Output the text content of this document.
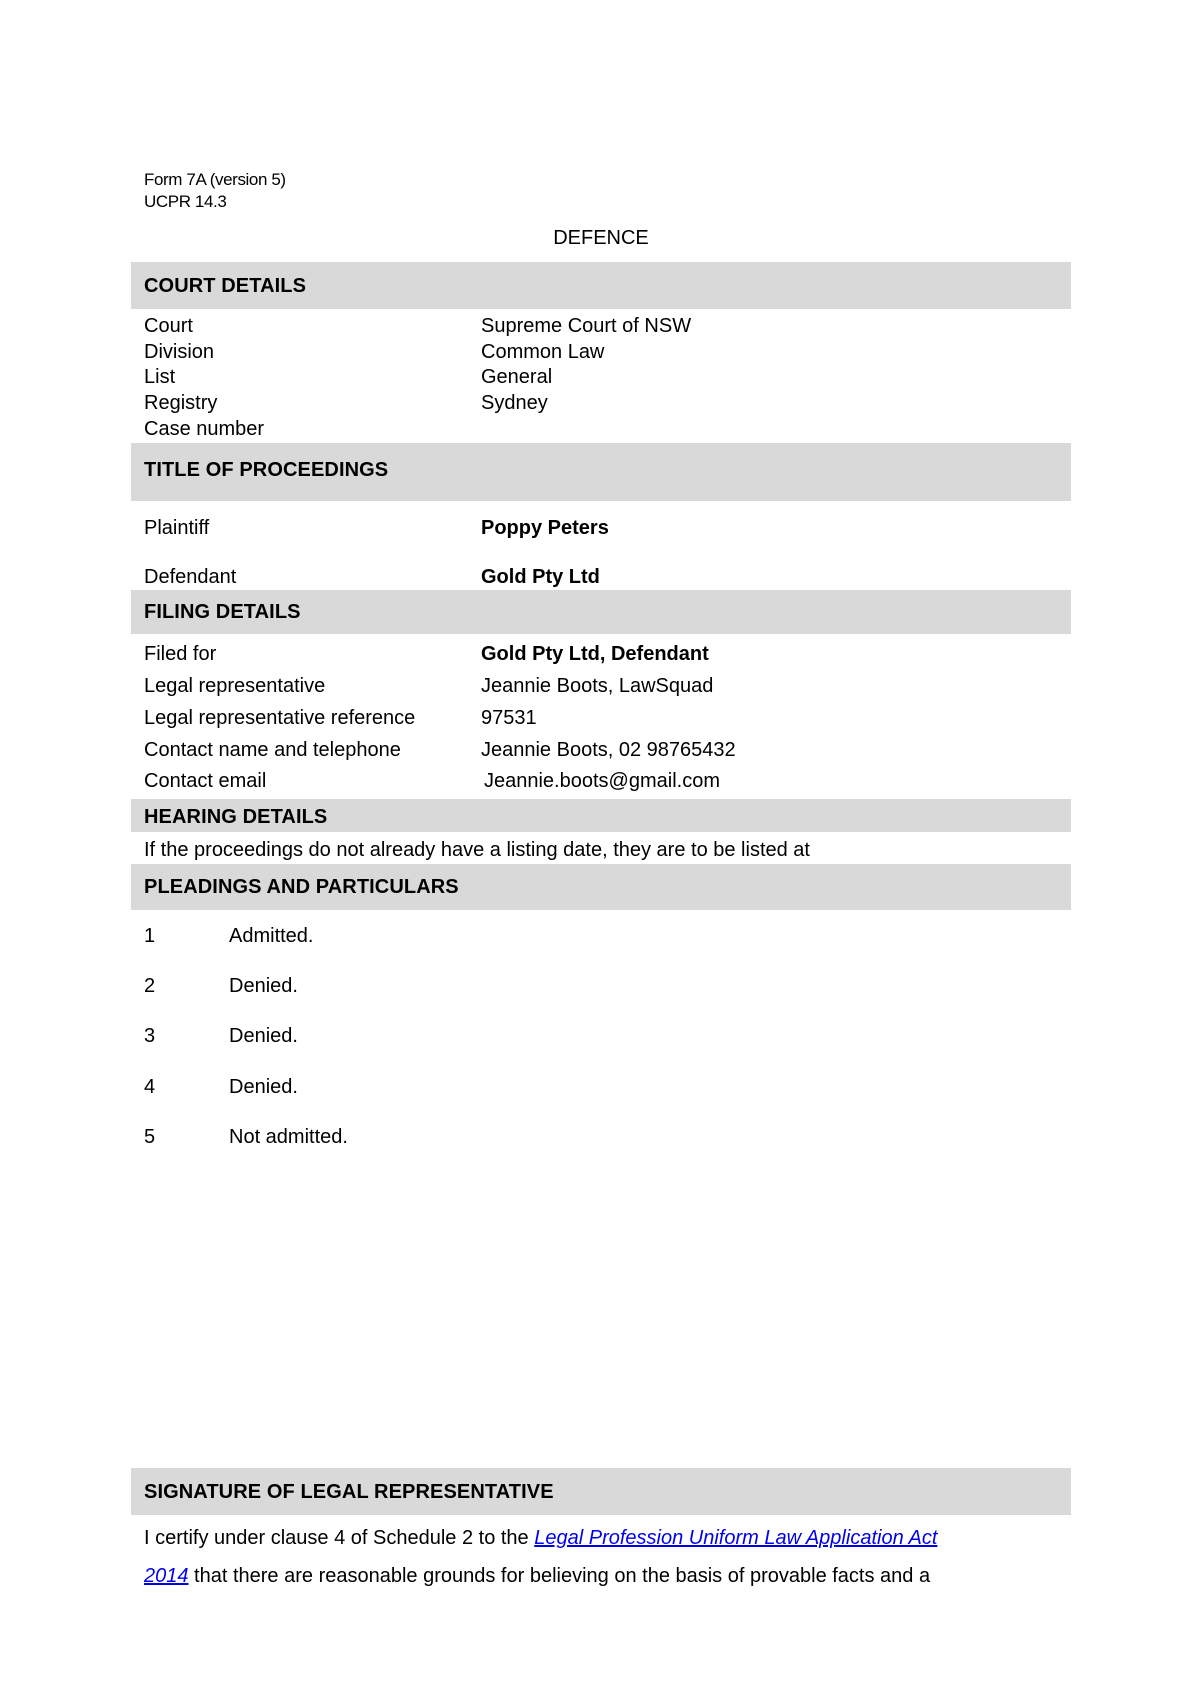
Form 7A (version 5)
UCPR 14.3
DEFENCE
COURT DETAILS
Court	Supreme Court of NSW
Division	Common Law
List	General
Registry	Sydney
Case number
TITLE OF PROCEEDINGS
Plaintiff	Poppy Peters
Defendant	Gold Pty Ltd
FILING DETAILS
Filed for	Gold Pty Ltd, Defendant
Legal representative	Jeannie Boots, LawSquad
Legal representative reference	97531
Contact name and telephone	Jeannie Boots, 02 98765432
Contact email	Jeannie.boots@gmail.com
HEARING DETAILS
If the proceedings do not already have a listing date, they are to be listed at
PLEADINGS AND PARTICULARS
1	Admitted.
2	Denied.
3	Denied.
4	Denied.
5	Not admitted.
SIGNATURE OF LEGAL REPRESENTATIVE
I certify under clause 4 of Schedule 2 to the Legal Profession Uniform Law Application Act
2014 that there are reasonable grounds for believing on the basis of provable facts and a
